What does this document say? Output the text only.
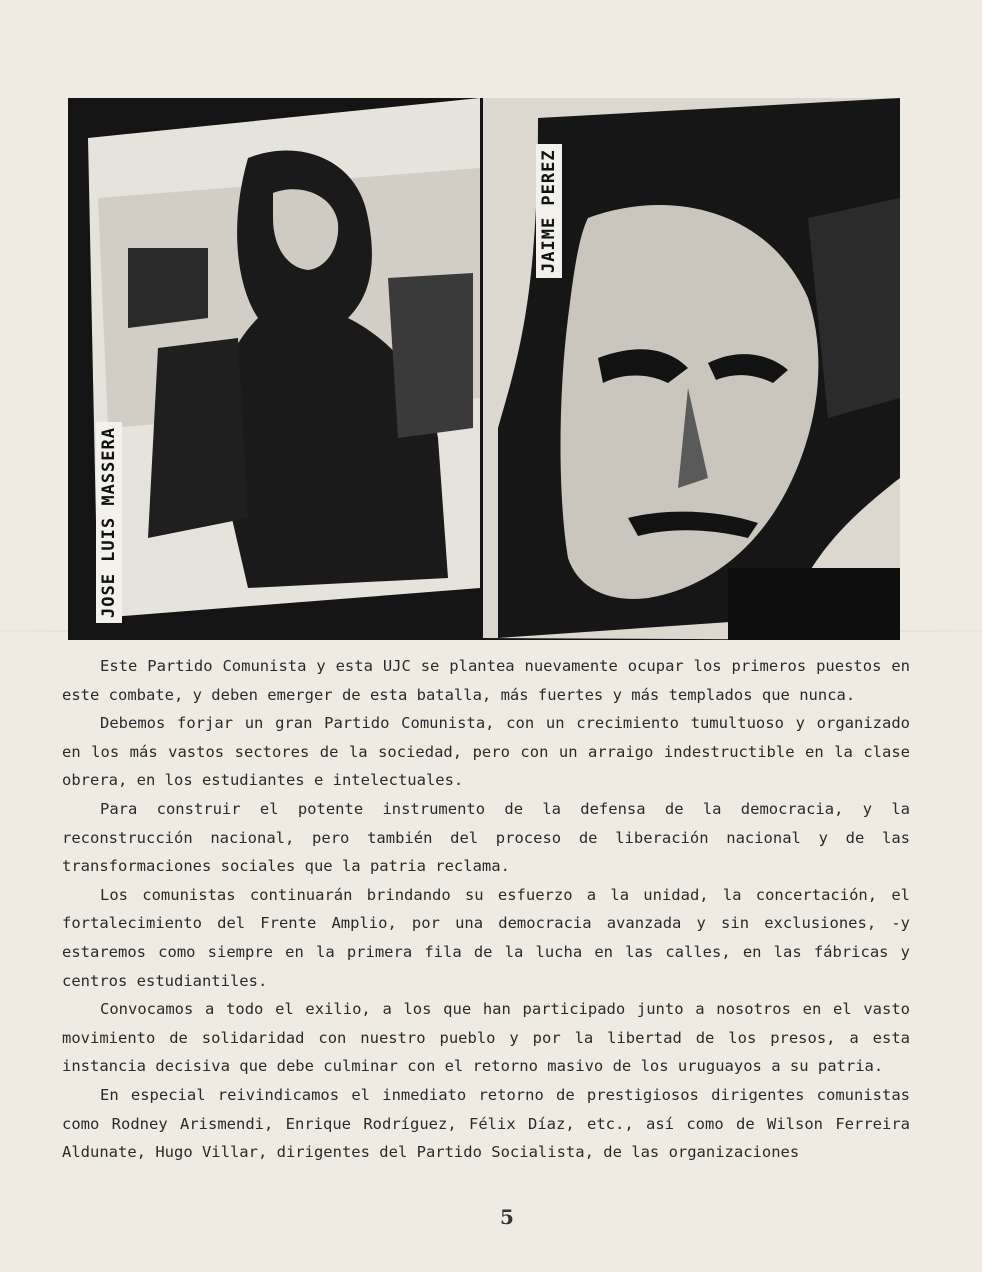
JOSE LUIS MASSERA
JAIME PEREZ

Este Partido Comunista y esta UJC se plantea nuevamente ocupar los primeros puestos en este combate, y deben emerger de esta batalla, más fuertes y más templados que nunca.

Debemos forjar un gran Partido Comunista, con un crecimiento tumultuoso y organizado en los más vastos sectores de la sociedad, pero con un arraigo indestructible en la clase obrera, en los estudiantes e intelectuales.

Para construir el potente instrumento de la defensa de la democracia, y la reconstrucción nacional, pero también del proceso de liberación nacional y de las transformaciones sociales que la patria reclama.

Los comunistas continuarán brindando su esfuerzo a la unidad, la concertación, el fortalecimiento del Frente Amplio, por una democracia avanzada y sin exclusiones, -y estaremos como siempre en la primera fila de la lucha en las calles, en las fábricas y centros estudiantiles.

Convocamos a todo el exilio, a los que han participado junto a nosotros en el vasto movimiento de solidaridad con nuestro pueblo y por la libertad de los presos, a esta instancia decisiva que debe culminar con el retorno masivo de los uruguayos a su patria.

En especial reivindicamos el inmediato retorno de prestigiosos dirigentes comunistas como Rodney Arismendi, Enrique Rodríguez, Félix Díaz, etc., así como de Wilson Ferreira Aldunate, Hugo Villar, dirigentes del Partido Socialista, de las organizaciones

5
